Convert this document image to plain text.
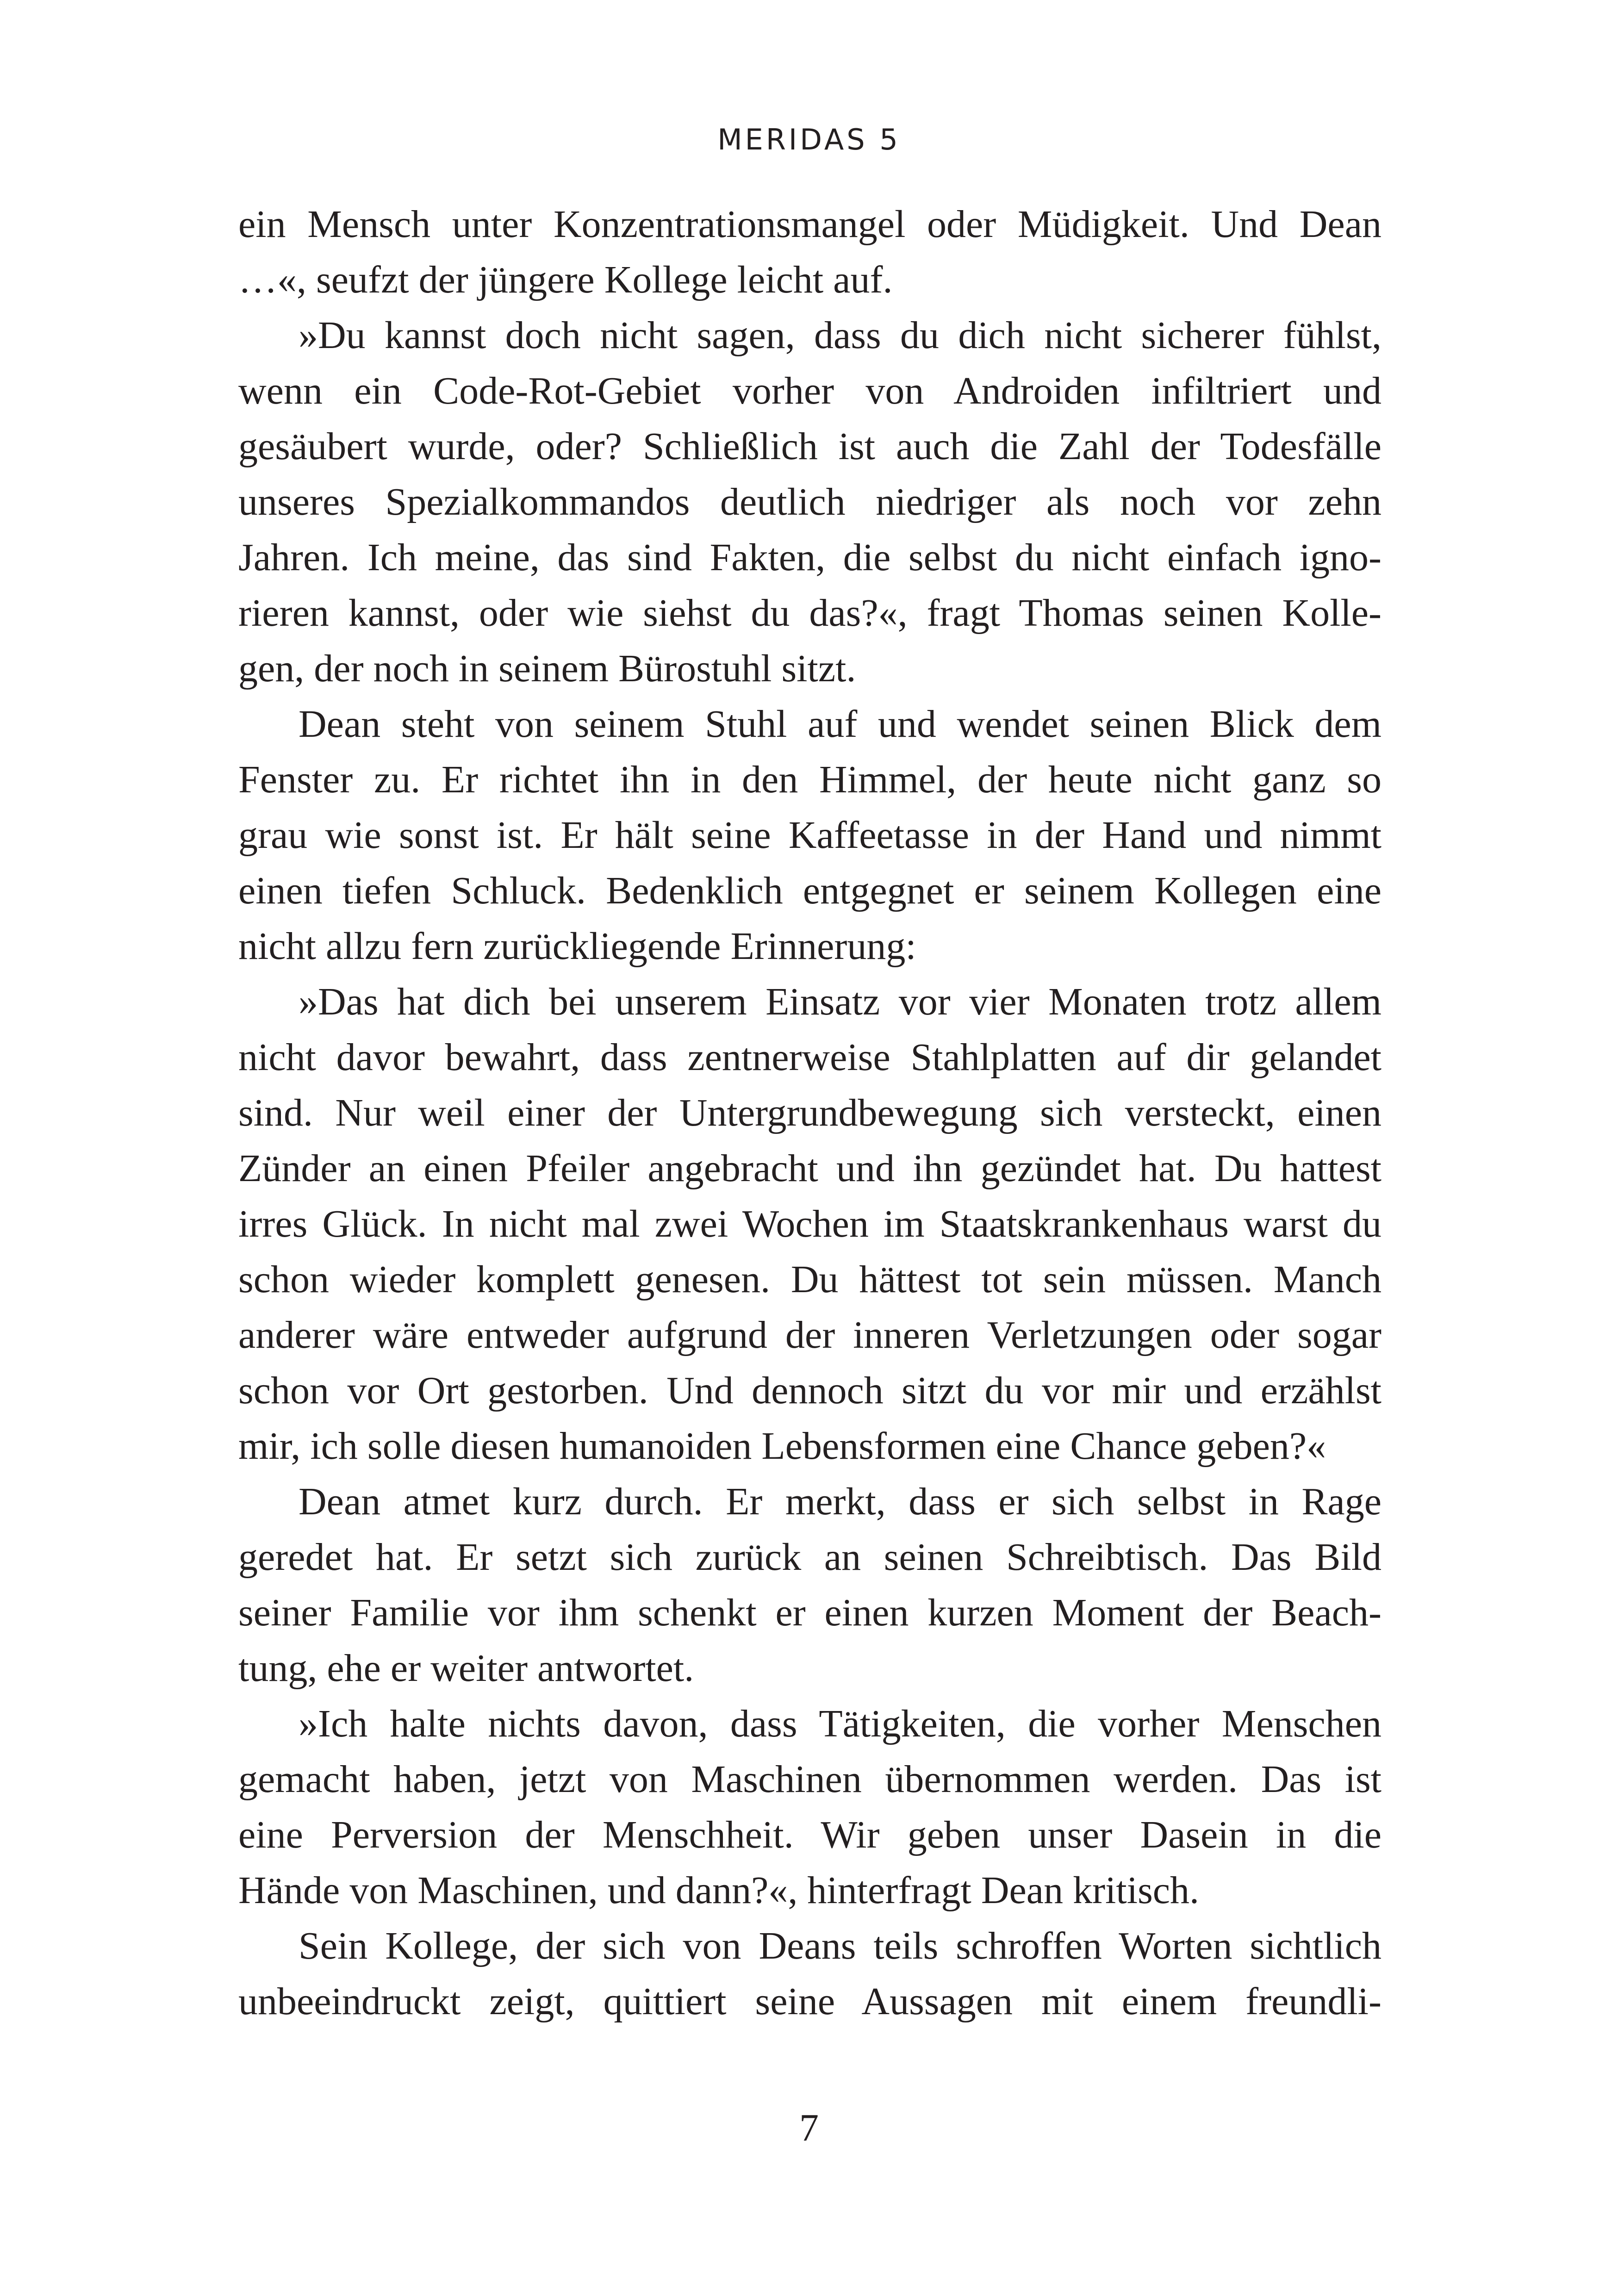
MERIDAS 5
ein Mensch unter Konzentrationsmangel oder Müdigkeit. Und Dean
…«, seufzt der jüngere Kollege leicht auf.
»Du kannst doch nicht sagen, dass du dich nicht sicherer fühlst,
wenn ein Code-Rot-Gebiet vorher von Androiden infiltriert und
gesäubert wurde, oder? Schließlich ist auch die Zahl der Todesfälle
unseres Spezialkommandos deutlich niedriger als noch vor zehn
Jahren. Ich meine, das sind Fakten, die selbst du nicht einfach igno-
rieren kannst, oder wie siehst du das?«, fragt Thomas seinen Kolle-
gen, der noch in seinem Bürostuhl sitzt.
Dean steht von seinem Stuhl auf und wendet seinen Blick dem
Fenster zu. Er richtet ihn in den Himmel, der heute nicht ganz so
grau wie sonst ist. Er hält seine Kaffeetasse in der Hand und nimmt
einen tiefen Schluck. Bedenklich entgegnet er seinem Kollegen eine
nicht allzu fern zurückliegende Erinnerung:
»Das hat dich bei unserem Einsatz vor vier Monaten trotz allem
nicht davor bewahrt, dass zentnerweise Stahlplatten auf dir gelandet
sind. Nur weil einer der Untergrundbewegung sich versteckt, einen
Zünder an einen Pfeiler angebracht und ihn gezündet hat. Du hattest
irres Glück. In nicht mal zwei Wochen im Staatskrankenhaus warst du
schon wieder komplett genesen. Du hättest tot sein müssen. Manch
anderer wäre entweder aufgrund der inneren Verletzungen oder sogar
schon vor Ort gestorben. Und dennoch sitzt du vor mir und erzählst
mir, ich solle diesen humanoiden Lebensformen eine Chance geben?«
Dean atmet kurz durch. Er merkt, dass er sich selbst in Rage
geredet hat. Er setzt sich zurück an seinen Schreibtisch. Das Bild
seiner Familie vor ihm schenkt er einen kurzen Moment der Beach-
tung, ehe er weiter antwortet.
»Ich halte nichts davon, dass Tätigkeiten, die vorher Menschen
gemacht haben, jetzt von Maschinen übernommen werden. Das ist
eine Perversion der Menschheit. Wir geben unser Dasein in die
Hände von Maschinen, und dann?«, hinterfragt Dean kritisch.
Sein Kollege, der sich von Deans teils schroffen Worten sichtlich
unbeeindruckt zeigt, quittiert seine Aussagen mit einem freundli-
7
